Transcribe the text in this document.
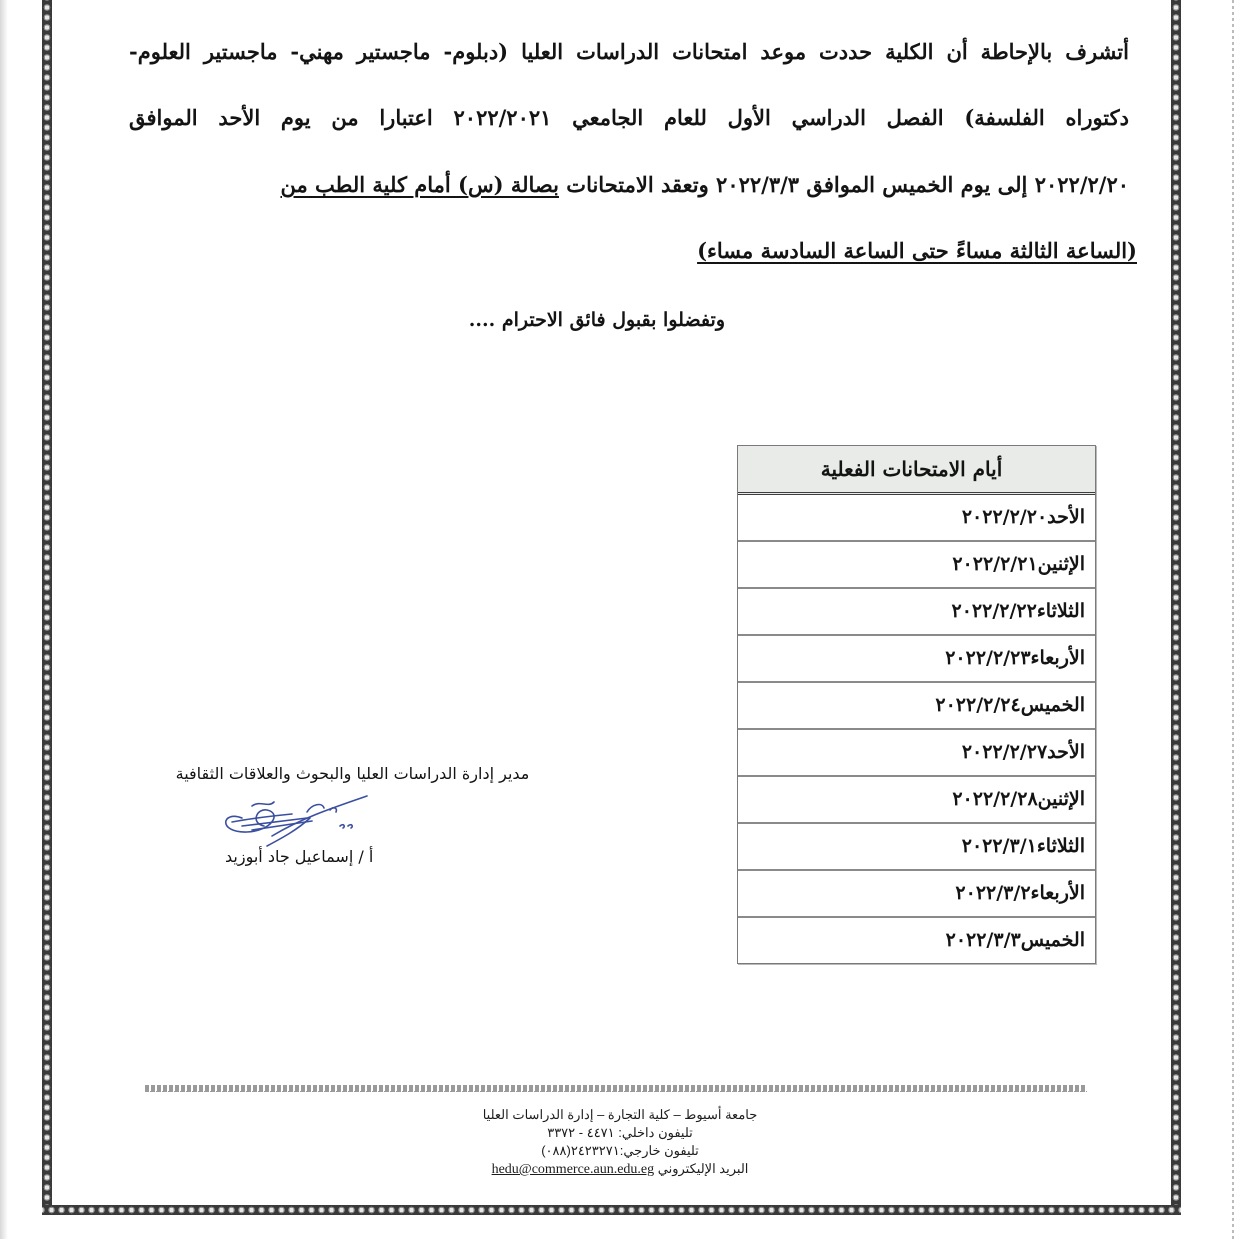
أتشرف بالإحاطة أن الكلية حددت موعد امتحانات الدراسات العليا (دبلوم- ماجستير مهني- ماجستير العلوم-
دكتوراه الفلسفة) الفصل الدراسي الأول للعام الجامعي ٢٠٢٢/٢٠٢١ اعتبارا من يوم الأحد الموافق
٢٠٢٢/٢/٢٠ إلى يوم الخميس الموافق ٢٠٢٢/٣/٣ وتعقد الامتحانات بصالة (س) أمام كلية الطب من
(الساعة الثالثة مساءً حتى الساعة السادسة مساء)
وتفضلوا بقبول فائق الاحترام ....
أيام الامتحانات الفعلية
الأحد٢٠٢٢/٢/٢٠
الإثنين٢٠٢٢/٢/٢١
الثلاثاء٢٠٢٢/٢/٢٢
الأربعاء٢٠٢٢/٢/٢٣
الخميس٢٠٢٢/٢/٢٤
الأحد٢٠٢٢/٢/٢٧
الإثنين٢٠٢٢/٢/٢٨
الثلاثاء٢٠٢٢/٣/١
الأربعاء٢٠٢٢/٣/٢
الخميس٢٠٢٢/٣/٣
مدير إدارة الدراسات العليا والبحوث والعلاقات الثقافية
أ / إسماعيل جاد أبوزيد
جامعة أسيوط – كلية التجارة – إدارة الدراسات العليا
تليفون داخلي: ٤٤٧١ - ٣٣٧٢
تليفون خارجي:٢٤٢٣٢٧١(٠٨٨)
البريد الإليكتروني hedu@commerce.aun.edu.eg
